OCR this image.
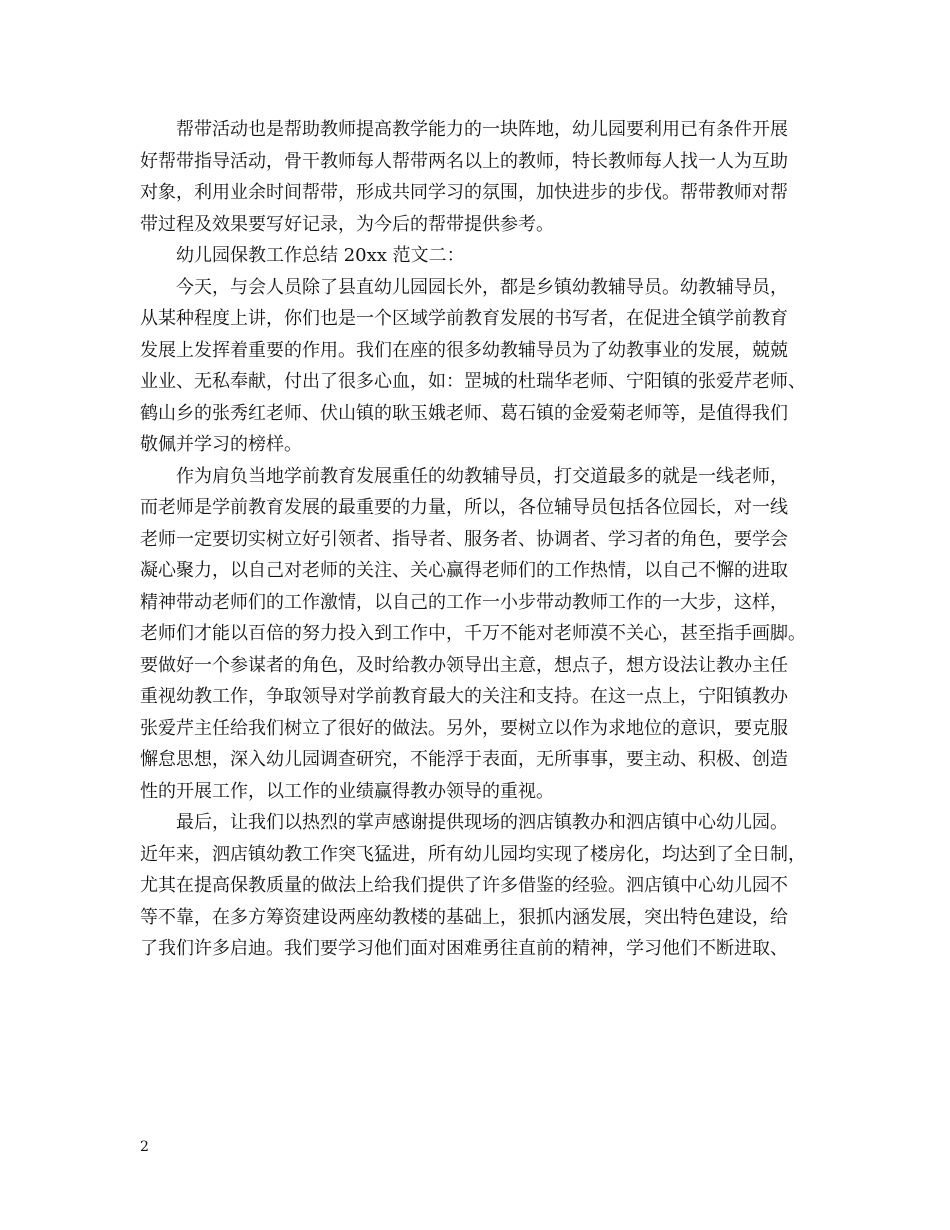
帮带活动也是帮助教师提高教学能力的一块阵地，幼儿园要利用已有条件开展
好帮带指导活动，骨干教师每人帮带两名以上的教师，特长教师每人找一人为互助
对象，利用业余时间帮带，形成共同学习的氛围，加快进步的步伐。帮带教师对帮
带过程及效果要写好记录，为今后的帮带提供参考。
幼儿园保教工作总结 20xx 范文二：
今天，与会人员除了县直幼儿园园长外，都是乡镇幼教辅导员。幼教辅导员，
从某种程度上讲，你们也是一个区域学前教育发展的书写者，在促进全镇学前教育
发展上发挥着重要的作用。我们在座的很多幼教辅导员为了幼教事业的发展，兢兢
业业、无私奉献，付出了很多心血，如：罡城的杜瑞华老师、宁阳镇的张爱芹老师、
鹤山乡的张秀红老师、伏山镇的耿玉娥老师、葛石镇的金爱菊老师等，是值得我们
敬佩并学习的榜样。
作为肩负当地学前教育发展重任的幼教辅导员，打交道最多的就是一线老师，
而老师是学前教育发展的最重要的力量，所以，各位辅导员包括各位园长，对一线
老师一定要切实树立好引领者、指导者、服务者、协调者、学习者的角色，要学会
凝心聚力，以自己对老师的关注、关心赢得老师们的工作热情，以自己不懈的进取
精神带动老师们的工作激情，以自己的工作一小步带动教师工作的一大步，这样，
老师们才能以百倍的努力投入到工作中，千万不能对老师漠不关心，甚至指手画脚。
要做好一个参谋者的角色，及时给教办领导出主意，想点子，想方设法让教办主任
重视幼教工作，争取领导对学前教育最大的关注和支持。在这一点上，宁阳镇教办
张爱芹主任给我们树立了很好的做法。另外，要树立以作为求地位的意识，要克服
懈怠思想，深入幼儿园调查研究，不能浮于表面，无所事事，要主动、积极、创造
性的开展工作，以工作的业绩赢得教办领导的重视。
最后，让我们以热烈的掌声感谢提供现场的泗店镇教办和泗店镇中心幼儿园。
近年来，泗店镇幼教工作突飞猛进，所有幼儿园均实现了楼房化，均达到了全日制，
尤其在提高保教质量的做法上给我们提供了许多借鉴的经验。泗店镇中心幼儿园不
等不靠，在多方筹资建设两座幼教楼的基础上，狠抓内涵发展，突出特色建设，给
了我们许多启迪。我们要学习他们面对困难勇往直前的精神，学习他们不断进取、
2
